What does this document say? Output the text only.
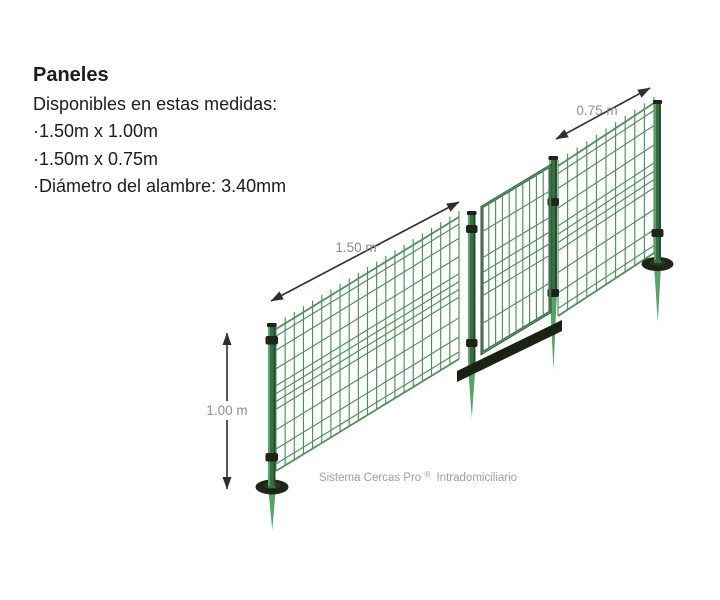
1.50 m
0.75 m
1.00 m
Sistema Cercas Pro ® Intradomiciliario
Paneles
Disponibles en estas medidas:
·1.50m x 1.00m
·1.50m x 0.75m
·Diámetro del alambre: 3.40mm
